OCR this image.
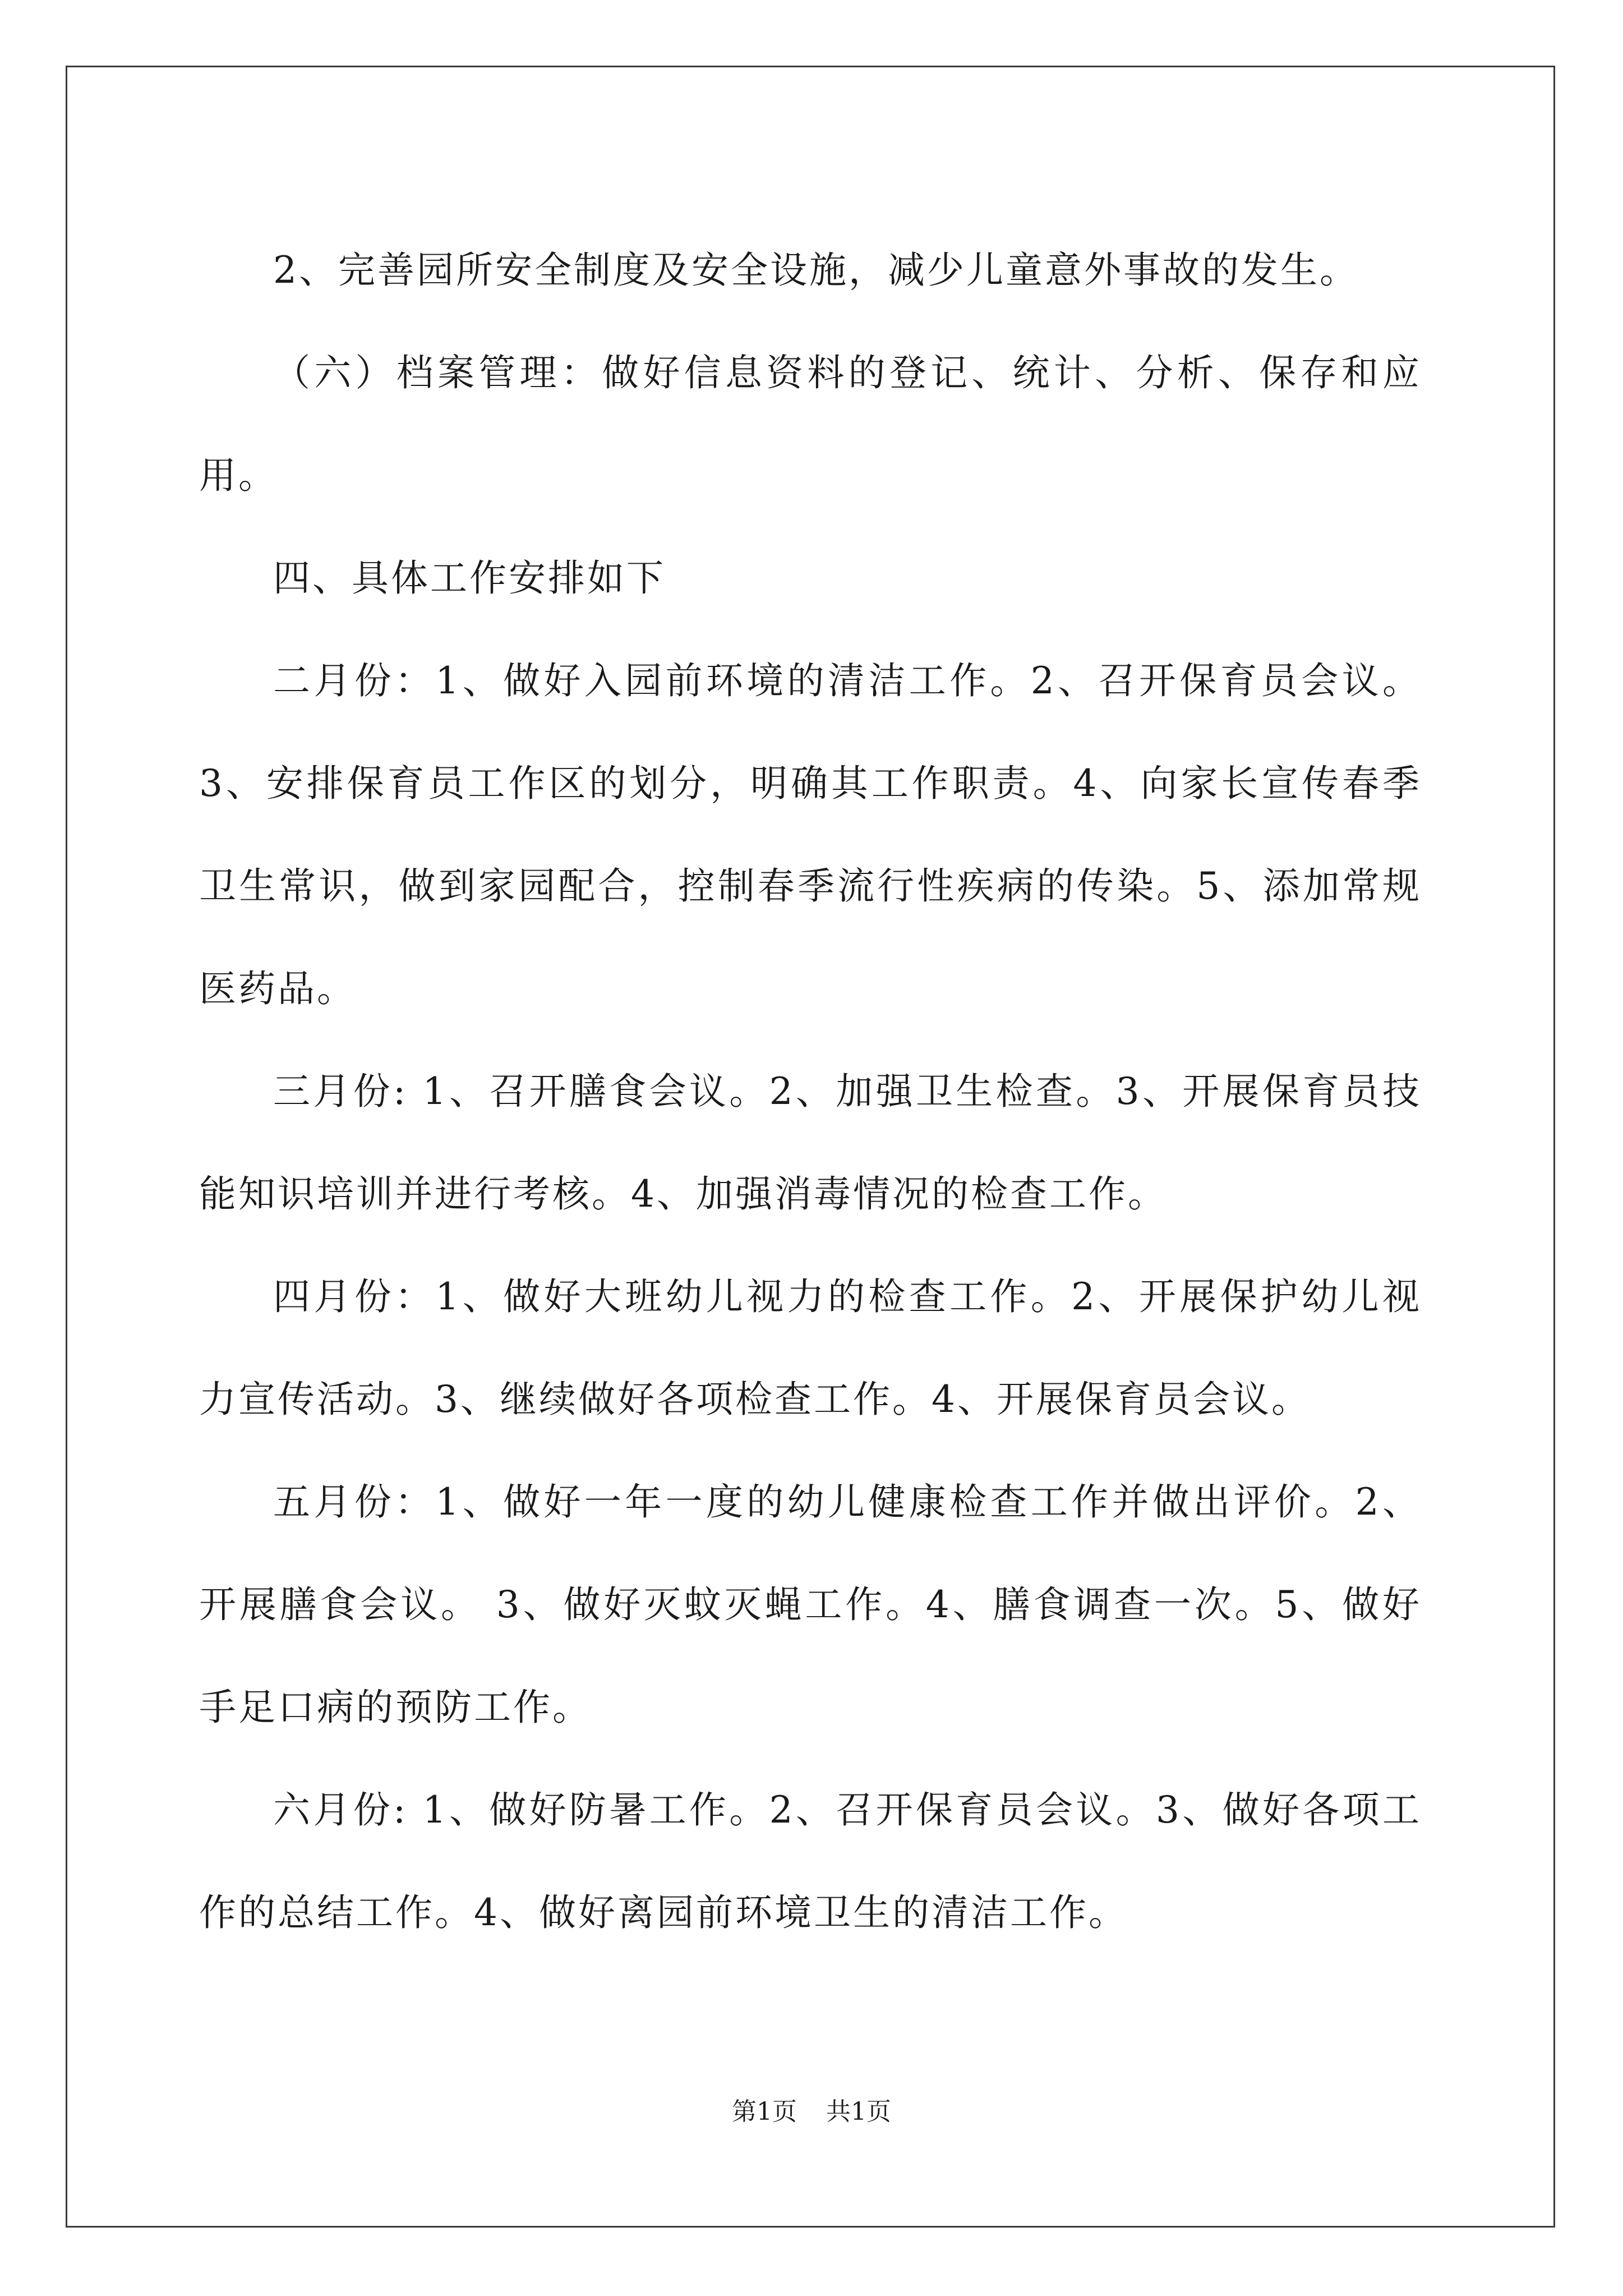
2、完善园所安全制度及安全设施，减少儿童意外事故的发生。

（六）档案管理：做好信息资料的登记、统计、分析、保存和应用。

四、具体工作安排如下

二月份：1、做好入园前环境的清洁工作。2、召开保育员会议。3、安排保育员工作区的划分，明确其工作职责。4、向家长宣传春季卫生常识，做到家园配合，控制春季流行性疾病的传染。5、添加常规医药品。

三月份: 1、召开膳食会议。2、加强卫生检查。3、开展保育员技能知识培训并进行考核。4、加强消毒情况的检查工作。

四月份：1、做好大班幼儿视力的检查工作。2、开展保护幼儿视力宣传活动。3、继续做好各项检查工作。4、开展保育员会议。

五月份：1、做好一年一度的幼儿健康检查工作并做出评价。2、开展膳食会议。 3、做好灭蚊灭蝇工作。4、膳食调查一次。5、做好手足口病的预防工作。

六月份: 1、做好防暑工作。2、召开保育员会议。3、做好各项工作的总结工作。4、做好离园前环境卫生的清洁工作。

第1页 共1页
